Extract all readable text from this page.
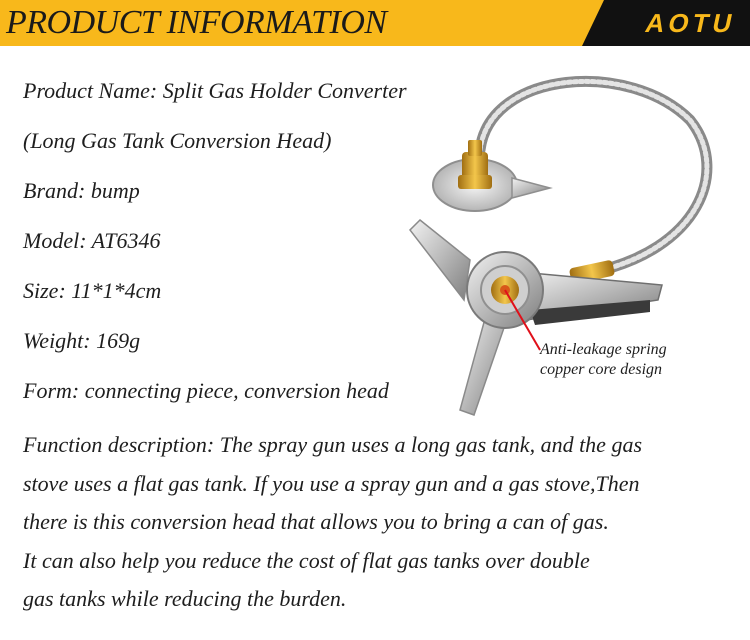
PRODUCT INFORMATION	AOTU
Product Name: Split Gas Holder Converter
(Long Gas Tank Conversion Head)
Brand: bump
Model: AT6346
Size: 11*1*4cm
Weight: 169g
Form: connecting piece, conversion head
Anti-leakage spring
copper core design
Function description: The spray gun uses a long gas tank, and the gas
stove uses a flat gas tank. If you use a spray gun and a gas stove,Then
there is this conversion head that allows you to bring a can of gas.
It can also help you reduce the cost of flat gas tanks over double
gas tanks while reducing the burden.
